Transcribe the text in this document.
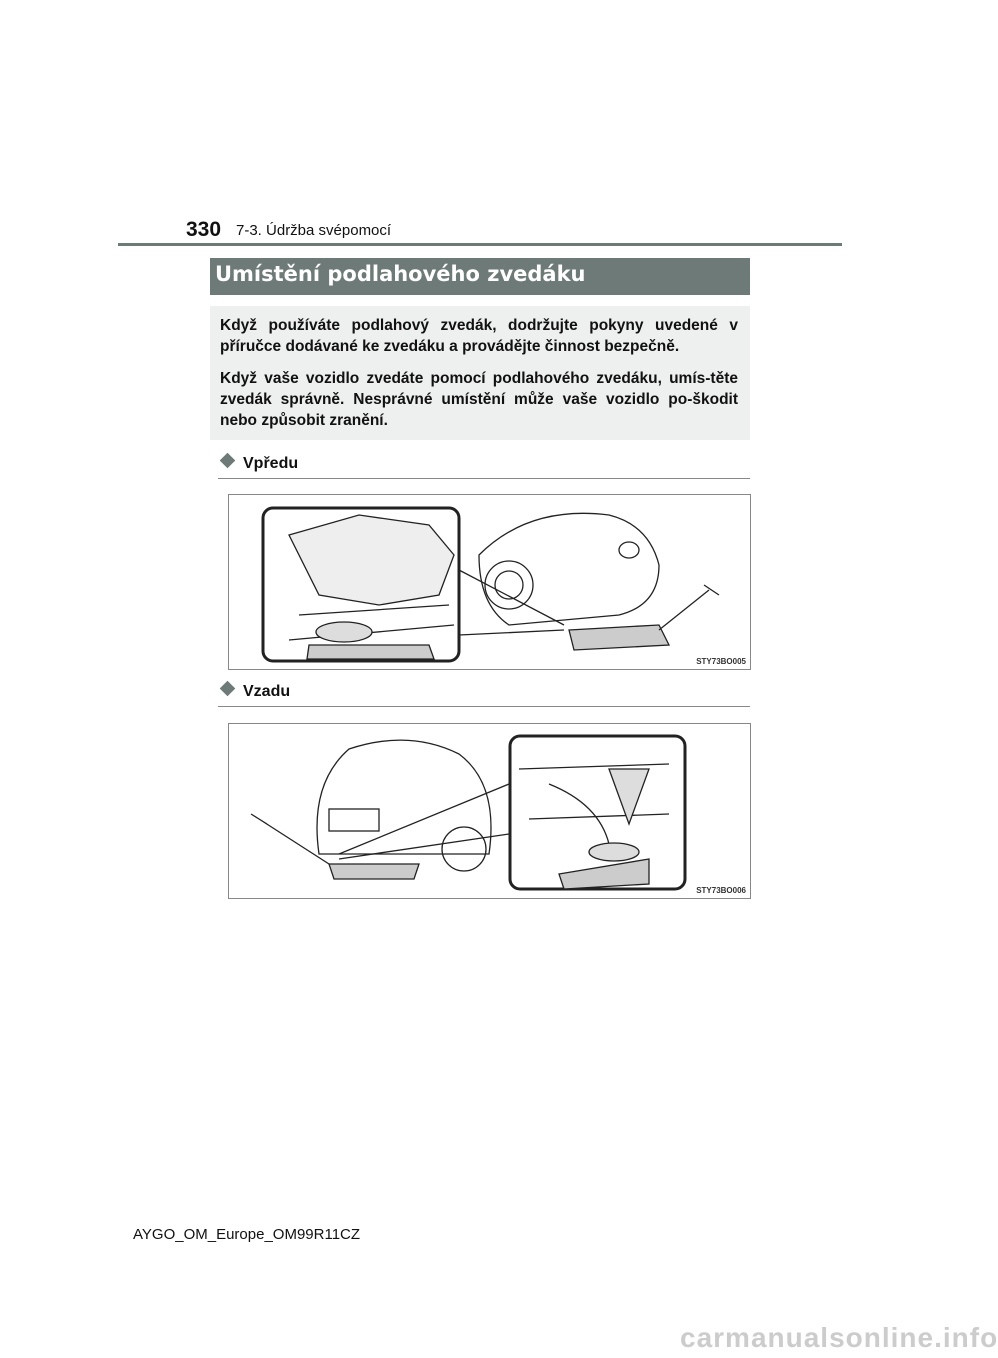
330 7-3. Údržba svépomocí
Umístění podlahového zvedáku

Když používáte podlahový zvedák, dodržujte pokyny uvedené v příručce dodávané ke zvedáku a provádějte činnost bezpečně.

Když vaše vozidlo zvedáte pomocí podlahového zvedáku, umís-těte zvedák správně. Nesprávné umístění může vaše vozidlo po-škodit nebo způsobit zranění.

Vpředu
STY73BO005
Vzadu
STY73BO006
AYGO_OM_Europe_OM99R11CZ
carmanualsonline.info
